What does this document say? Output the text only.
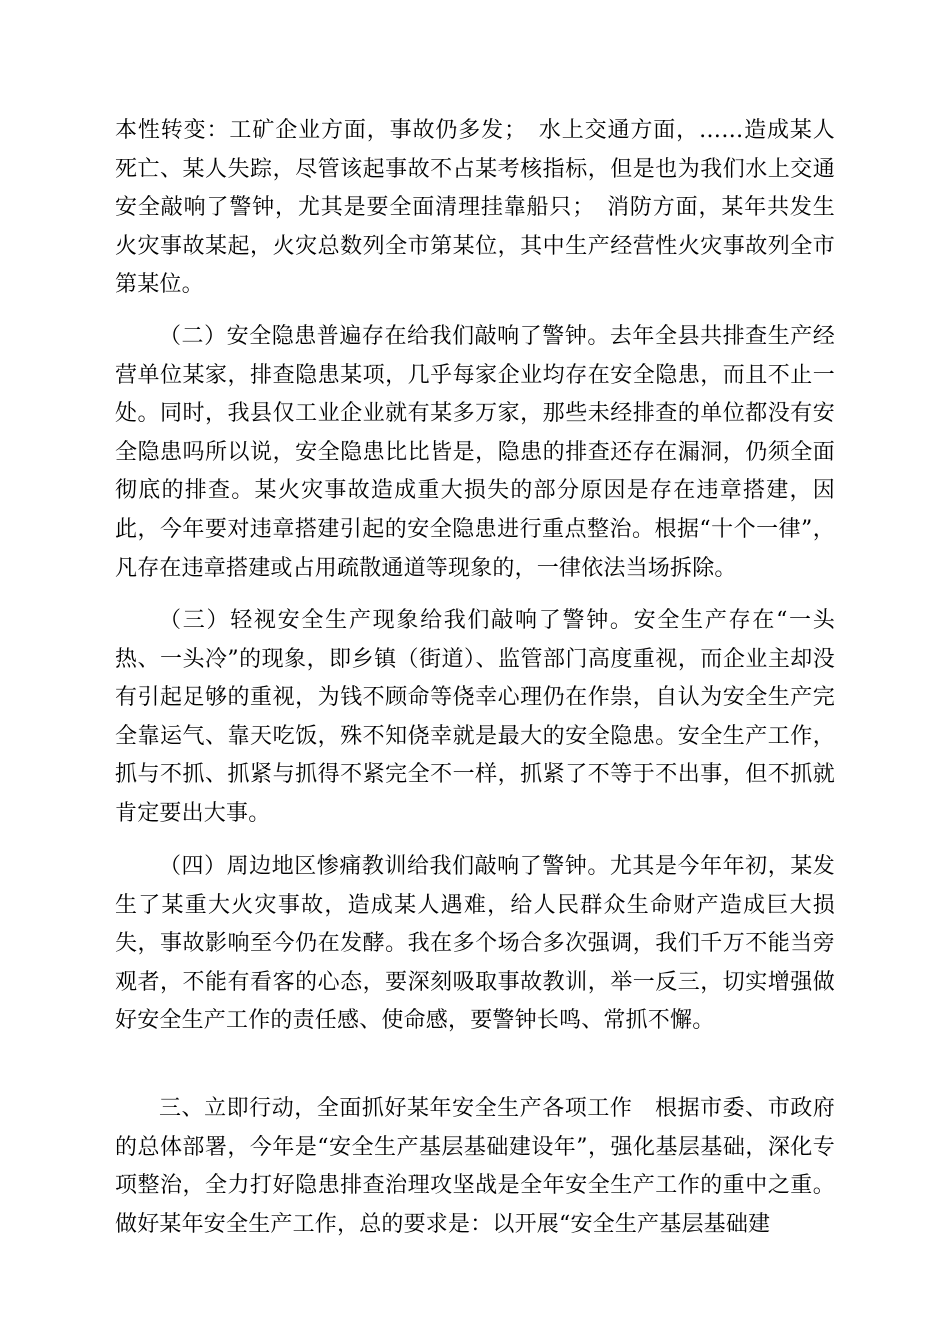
本性转变：工矿企业方面，事故仍多发；　水上交通方面，……造成某人死亡、某人失踪，尽管该起事故不占某考核指标，但是也为我们水上交通安全敲响了警钟，尤其是要全面清理挂靠船只；　消防方面，某年共发生火灾事故某起，火灾总数列全市第某位，其中生产经营性火灾事故列全市第某位。

（二）安全隐患普遍存在给我们敲响了警钟。去年全县共排查生产经营单位某家，排查隐患某项，几乎每家企业均存在安全隐患，而且不止一处。同时，我县仅工业企业就有某多万家，那些未经排查的单位都没有安全隐患吗所以说，安全隐患比比皆是，隐患的排查还存在漏洞，仍须全面彻底的排查。某火灾事故造成重大损失的部分原因是存在违章搭建，因此，今年要对违章搭建引起的安全隐患进行重点整治。根据“十个一律”，凡存在违章搭建或占用疏散通道等现象的，一律依法当场拆除。

（三）轻视安全生产现象给我们敲响了警钟。安全生产存在“一头热、一头冷”的现象，即乡镇（街道）、监管部门高度重视，而企业主却没有引起足够的重视，为钱不顾命等侥幸心理仍在作祟，自认为安全生产完全靠运气、靠天吃饭，殊不知侥幸就是最大的安全隐患。安全生产工作，抓与不抓、抓紧与抓得不紧完全不一样，抓紧了不等于不出事，但不抓就肯定要出大事。

（四）周边地区惨痛教训给我们敲响了警钟。尤其是今年年初，某发生了某重大火灾事故，造成某人遇难，给人民群众生命财产造成巨大损失，事故影响至今仍在发酵。我在多个场合多次强调，我们千万不能当旁观者，不能有看客的心态，要深刻吸取事故教训，举一反三，切实增强做好安全生产工作的责任感、使命感，要警钟长鸣、常抓不懈。

三、立即行动，全面抓好某年安全生产各项工作　根据市委、市政府的总体部署，今年是“安全生产基层基础建设年”，强化基层基础，深化专项整治，全力打好隐患排查治理攻坚战是全年安全生产工作的重中之重。做好某年安全生产工作，总的要求是：以开展“安全生产基层基础建
